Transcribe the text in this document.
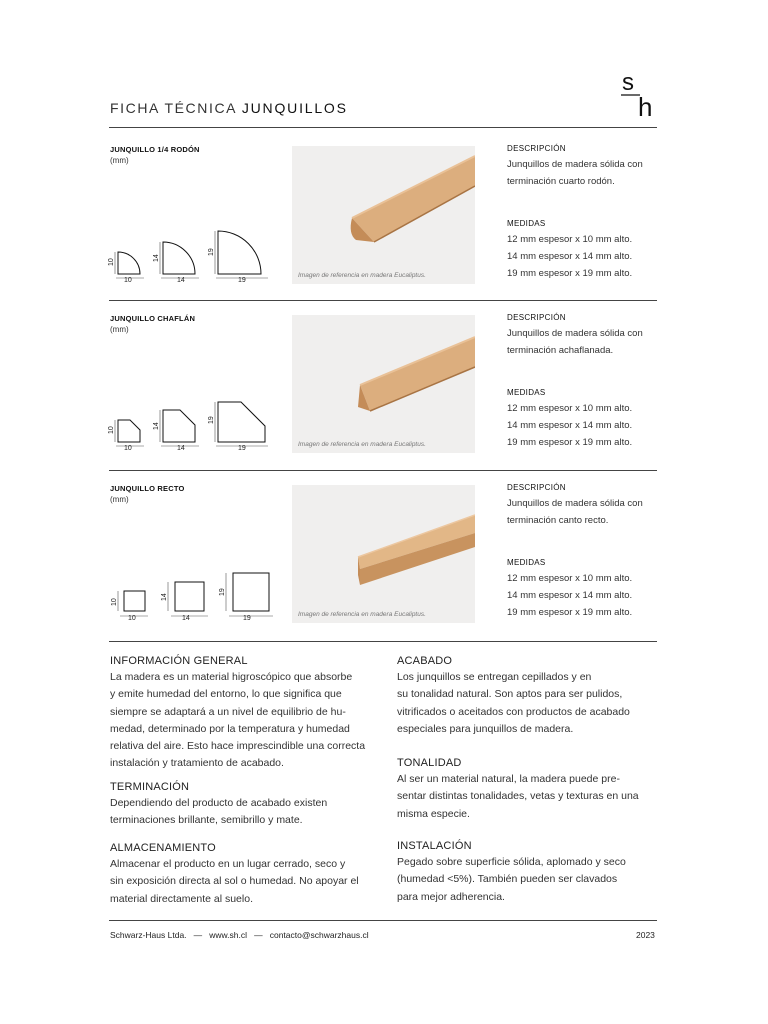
FICHA TÉCNICA JUNQUILLOS
s
h
JUNQUILLO 1/4 RODÓN
(mm)
10	14	19
10
14
19
Imagen de referencia en madera Eucaliptus.
DESCRIPCIÓN
Junquillos de madera sólida con
terminación cuarto rodón.
MEDIDAS
12 mm espesor x 10 mm alto.
14 mm espesor x 14 mm alto.
19 mm espesor x 19 mm alto.
JUNQUILLO CHAFLÁN
(mm)
10	14	19
10
14
19
Imagen de referencia en madera Eucaliptus.
DESCRIPCIÓN
Junquillos de madera sólida con
terminación achaflanada.
MEDIDAS
12 mm espesor x 10 mm alto.
14 mm espesor x 14 mm alto.
19 mm espesor x 19 mm alto.
JUNQUILLO RECTO
(mm)
10	14	19
10
14
19
Imagen de referencia en madera Eucaliptus.
DESCRIPCIÓN
Junquillos de madera sólida con
terminación canto recto.
MEDIDAS
12 mm espesor x 10 mm alto.
14 mm espesor x 14 mm alto.
19 mm espesor x 19 mm alto.
INFORMACIÓN GENERAL
La madera es un material higroscópico que absorbe
y emite humedad del entorno, lo que significa que
siempre se adaptará a un nivel de equilibrio de hu-
medad, determinado por la temperatura y humedad
relativa del aire. Esto hace imprescindible una correcta
instalación y tratamiento de acabado.
TERMINACIÓN
Dependiendo del producto de acabado existen
terminaciones brillante, semibrillo y mate.
ALMACENAMIENTO
Almacenar el producto en un lugar cerrado, seco y
sin exposición directa al sol o humedad. No apoyar el
material directamente al suelo.
ACABADO
Los junquillos se entregan cepillados y en
su tonalidad natural. Son aptos para ser pulidos,
vitrificados o aceitados con productos de acabado
especiales para junquillos de madera.
TONALIDAD
Al ser un material natural, la madera puede pre-
sentar distintas tonalidades, vetas y texturas en una
misma especie.
INSTALACIÓN
Pegado sobre superficie sólida, aplomado y seco
(humedad <5%). También pueden ser clavados
para mejor adherencia.
Schwarz-Haus Ltda. — www.sh.cl — contacto@schwarzhaus.cl	2023
